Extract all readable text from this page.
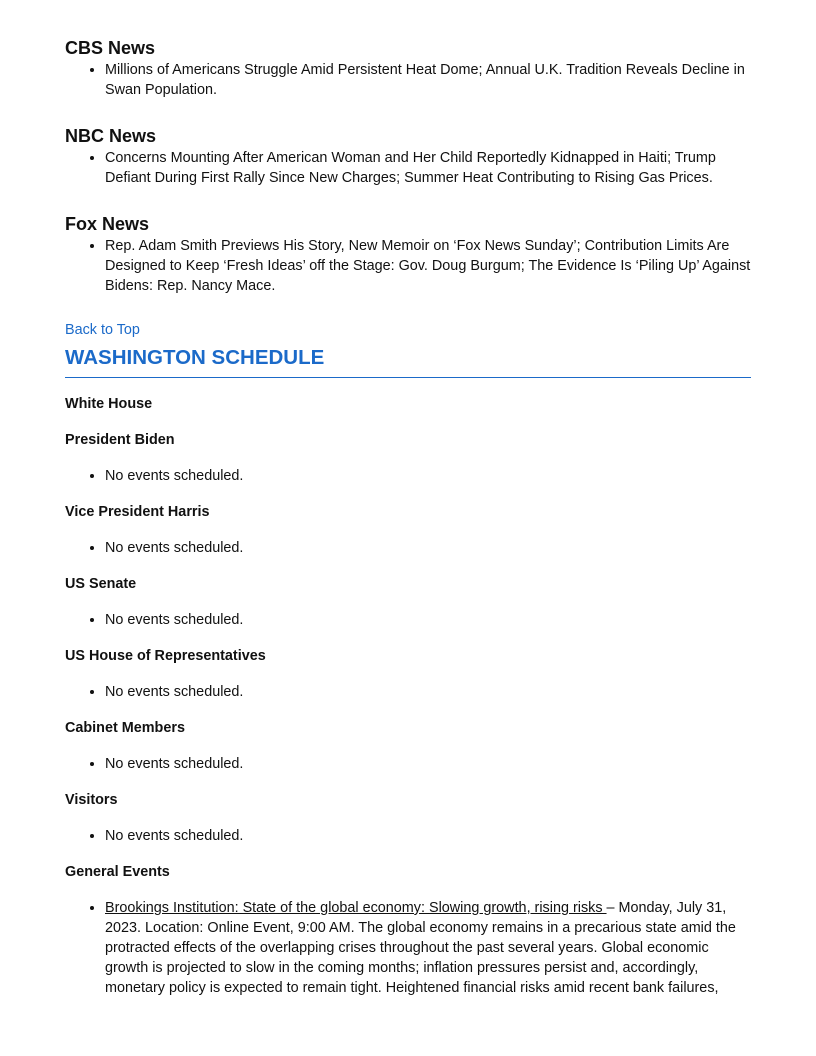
CBS News
• Millions of Americans Struggle Amid Persistent Heat Dome; Annual U.K. Tradition Reveals Decline in Swan Population.
NBC News
• Concerns Mounting After American Woman and Her Child Reportedly Kidnapped in Haiti; Trump Defiant During First Rally Since New Charges; Summer Heat Contributing to Rising Gas Prices.
Fox News
• Rep. Adam Smith Previews His Story, New Memoir on ‘Fox News Sunday’; Contribution Limits Are Designed to Keep ‘Fresh Ideas’ off the Stage: Gov. Doug Burgum; The Evidence Is ‘Piling Up’ Against Bidens: Rep. Nancy Mace.
Back to Top
WASHINGTON SCHEDULE
White House
President Biden
• No events scheduled.
Vice President Harris
• No events scheduled.
US Senate
• No events scheduled.
US House of Representatives
• No events scheduled.
Cabinet Members
• No events scheduled.
Visitors
• No events scheduled.
General Events
• Brookings Institution: State of the global economy: Slowing growth, rising risks – Monday, July 31, 2023. Location: Online Event, 9:00 AM. The global economy remains in a precarious state amid the protracted effects of the overlapping crises throughout the past several years. Global economic growth is projected to slow in the coming months; inflation pressures persist and, accordingly, monetary policy is expected to remain tight. Heightened financial risks amid recent bank failures,
